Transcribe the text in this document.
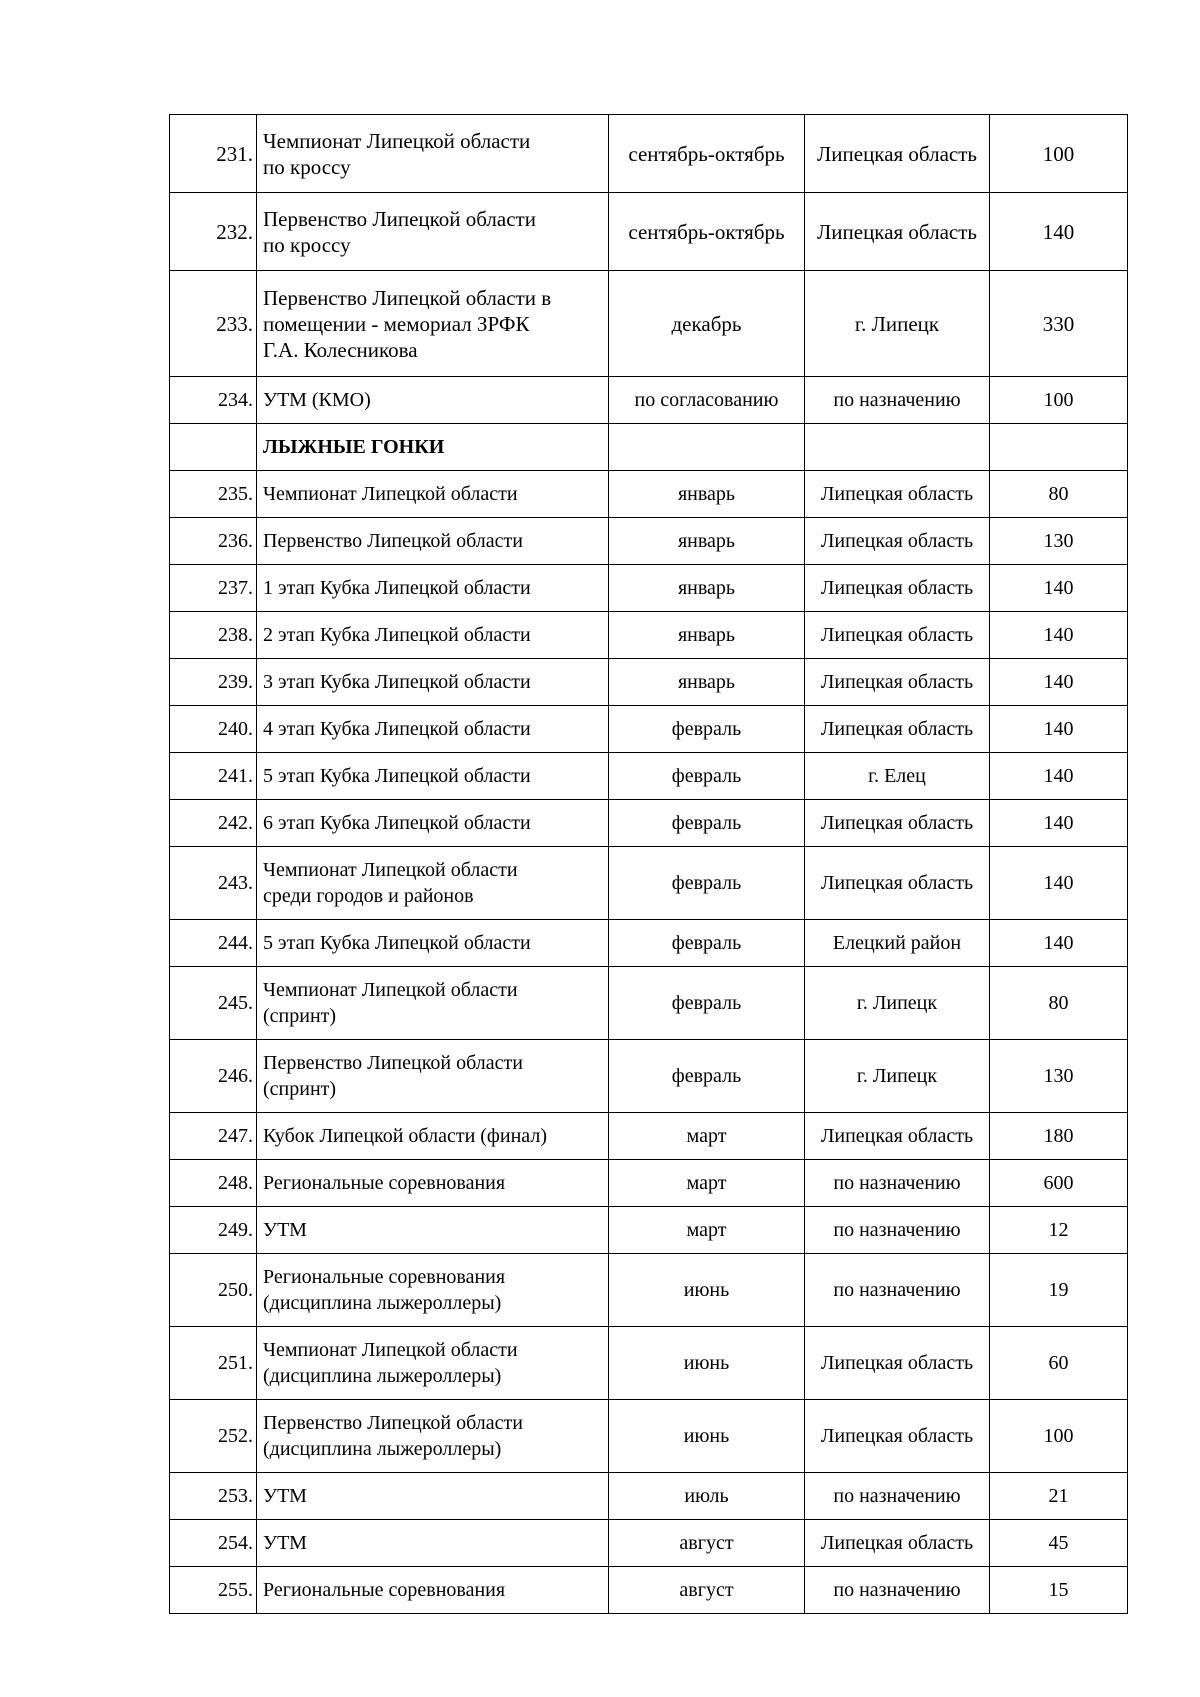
231.	Чемпионат Липецкой области
по кроссу	сентябрь-октябрь	Липецкая область	100
232.	Первенство Липецкой области
по кроссу	сентябрь-октябрь	Липецкая область	140
233.	Первенство Липецкой области в
помещении - мемориал ЗРФК
Г.А. Колесникова	декабрь	г. Липецк	330
234.	УТМ (КМО)	по согласованию	по назначению	100
	ЛЫЖНЫЕ ГОНКИ			
235.	Чемпионат Липецкой области	январь	Липецкая область	80
236.	Первенство Липецкой области	январь	Липецкая область	130
237.	1 этап Кубка Липецкой области	январь	Липецкая область	140
238.	2 этап Кубка Липецкой области	январь	Липецкая область	140
239.	3 этап Кубка Липецкой области	январь	Липецкая область	140
240.	4 этап Кубка Липецкой области	февраль	Липецкая область	140
241.	5 этап Кубка Липецкой области	февраль	г. Елец	140
242.	6 этап Кубка Липецкой области	февраль	Липецкая область	140
243.	Чемпионат Липецкой области
среди городов и районов	февраль	Липецкая область	140
244.	5 этап Кубка Липецкой области	февраль	Елецкий район	140
245.	Чемпионат Липецкой области
(спринт)	февраль	г. Липецк	80
246.	Первенство Липецкой области
(спринт)	февраль	г. Липецк	130
247.	Кубок Липецкой области (финал)	март	Липецкая область	180
248.	Региональные соревнования	март	по назначению	600
249.	УТМ	март	по назначению	12
250.	Региональные соревнования
(дисциплина лыжероллеры)	июнь	по назначению	19
251.	Чемпионат Липецкой области
(дисциплина лыжероллеры)	июнь	Липецкая область	60
252.	Первенство Липецкой области
(дисциплина лыжероллеры)	июнь	Липецкая область	100
253.	УТМ	июль	по назначению	21
254.	УТМ	август	Липецкая область	45
255.	Региональные соревнования	август	по назначению	15
